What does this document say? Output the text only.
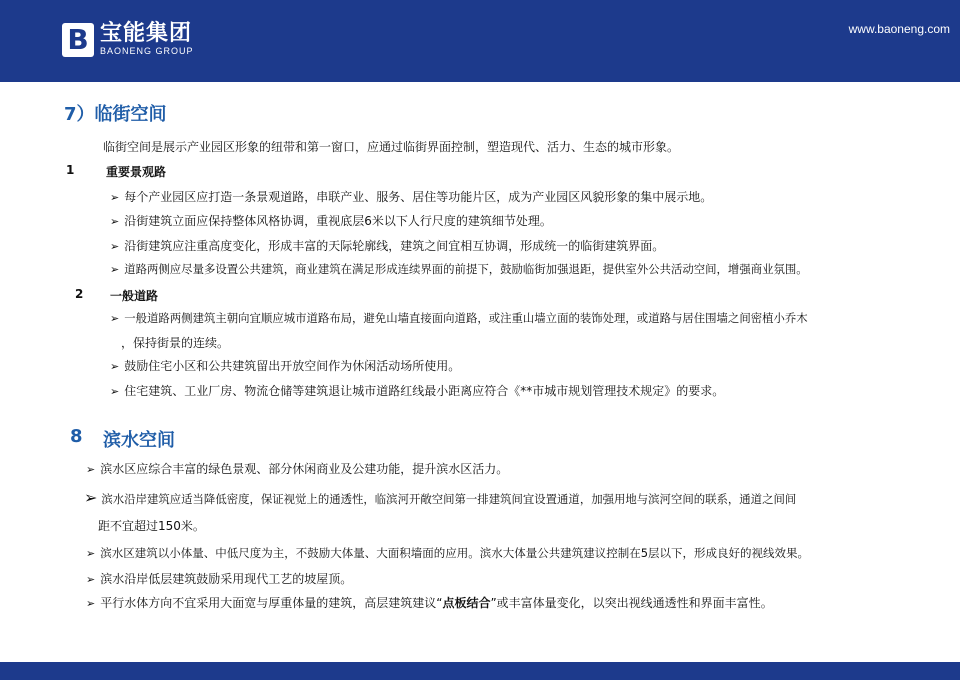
B 宝能集团
BAONENG GROUP
www.baoneng.com
7）临街空间
临街空间是展示产业园区形象的纽带和第一窗口，应通过临街界面控制，塑造现代、活力、生态的城市形象。
1	重要景观路
➢ 每个产业园区应打造一条景观道路，串联产业、服务、居住等功能片区，成为产业园区风貌形象的集中展示地。
➢ 沿街建筑立面应保持整体风格协调，重视底层6米以下人行尺度的建筑细节处理。
➢ 沿街建筑应注重高度变化，形成丰富的天际轮廓线，建筑之间宜相互协调，形成统一的临街建筑界面。
➢ 道路两侧应尽量多设置公共建筑，商业建筑在满足形成连续界面的前提下，鼓励临街加强退距，提供室外公共活动空间，增强商业氛围。
2 一般道路
➢ 一般道路两侧建筑主朝向宜顺应城市道路布局，避免山墙直接面向道路，或注重山墙立面的装饰处理，或道路与居住围墙之间密植小乔木
，保持街景的连续。
➢ 鼓励住宅小区和公共建筑留出开放空间作为休闲活动场所使用。
➢ 住宅建筑、工业厂房、物流仓储等建筑退让城市道路红线最小距离应符合《**市城市规划管理技术规定》的要求。
8 滨水空间
➢ 滨水区应综合丰富的绿色景观、部分休闲商业及公建功能，提升滨水区活力。
➢ 滨水沿岸建筑应适当降低密度，保证视觉上的通透性，临滨河开敞空间第一排建筑间宜设置通道，加强用地与滨河空间的联系，通道之间间
距不宜超过150米。
➢ 滨水区建筑以小体量、中低尺度为主，不鼓励大体量、大面积墙面的应用。滨水大体量公共建筑建议控制在5层以下，形成良好的视线效果。
➢ 滨水沿岸低层建筑鼓励采用现代工艺的坡屋顶。
➢ 平行水体方向不宜采用大面宽与厚重体量的建筑，高层建筑建议“点板结合”或丰富体量变化，以突出视线通透性和界面丰富性。
